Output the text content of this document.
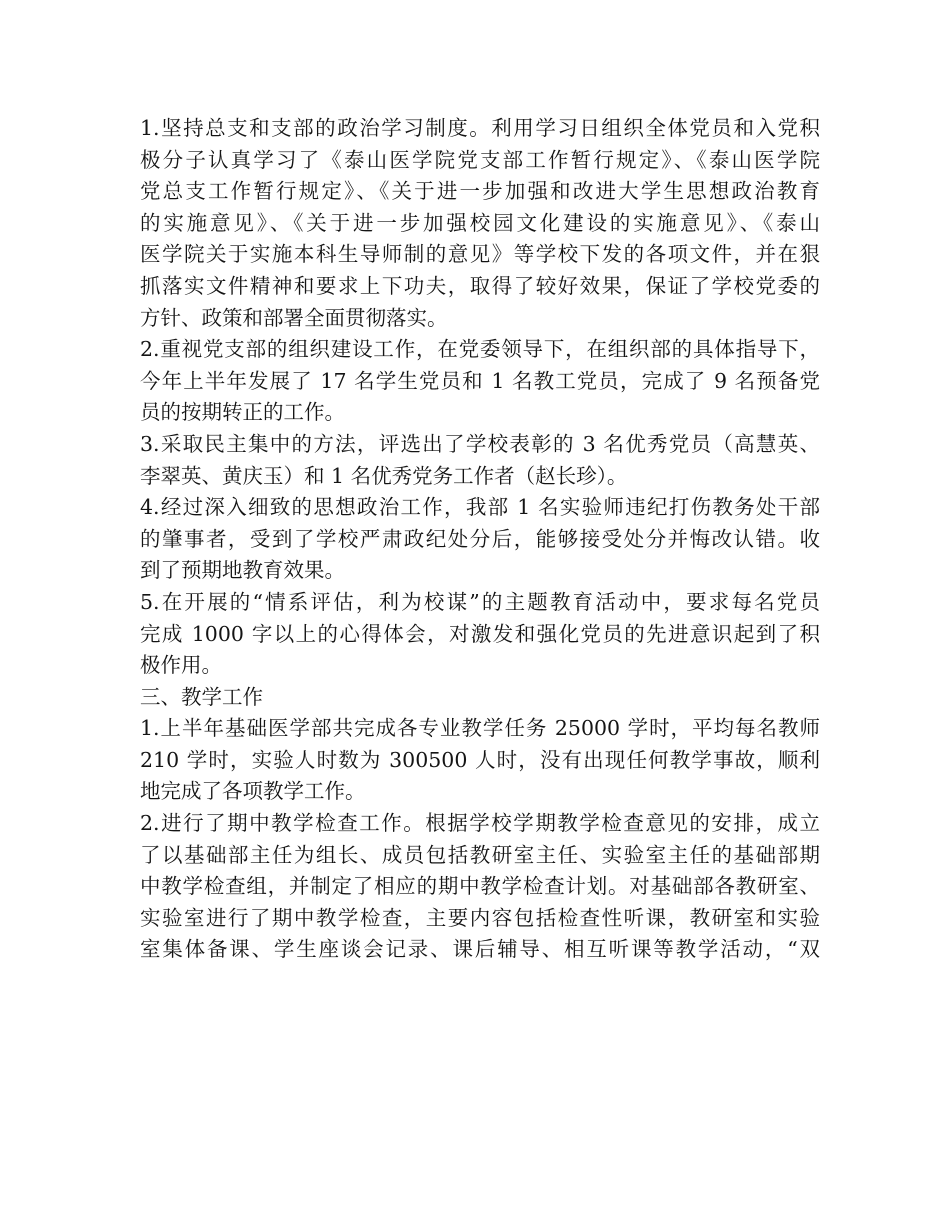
1.坚持总支和支部的政治学习制度。利用学习日组织全体党员和入党积
极分子认真学习了《泰山医学院党支部工作暂行规定》、《泰山医学院
党总支工作暂行规定》、《关于进一步加强和改进大学生思想政治教育
的实施意见》、《关于进一步加强校园文化建设的实施意见》、《泰山
医学院关于实施本科生导师制的意见》等学校下发的各项文件，并在狠
抓落实文件精神和要求上下功夫，取得了较好效果，保证了学校党委的
方针、政策和部署全面贯彻落实。
2.重视党支部的组织建设工作，在党委领导下，在组织部的具体指导下，
今年上半年发展了 17 名学生党员和 1 名教工党员，完成了 9 名预备党
员的按期转正的工作。
3.采取民主集中的方法，评选出了学校表彰的 3 名优秀党员（高慧英、
李翠英、黄庆玉）和 1 名优秀党务工作者（赵长珍）。
4.经过深入细致的思想政治工作，我部 1 名实验师违纪打伤教务处干部
的肇事者，受到了学校严肃政纪处分后，能够接受处分并悔改认错。收
到了预期地教育效果。
5.在开展的“情系评估，利为校谋”的主题教育活动中，要求每名党员
完成 1000 字以上的心得体会，对激发和强化党员的先进意识起到了积
极作用。
三、教学工作
1.上半年基础医学部共完成各专业教学任务 25000 学时，平均每名教师
210 学时，实验人时数为 300500 人时，没有出现任何教学事故，顺利
地完成了各项教学工作。
2.进行了期中教学检查工作。根据学校学期教学检查意见的安排，成立
了以基础部主任为组长、成员包括教研室主任、实验室主任的基础部期
中教学检查组，并制定了相应的期中教学检查计划。对基础部各教研室、
实验室进行了期中教学检查，主要内容包括检查性听课，教研室和实验
室集体备课、学生座谈会记录、课后辅导、相互听课等教学活动，“双
